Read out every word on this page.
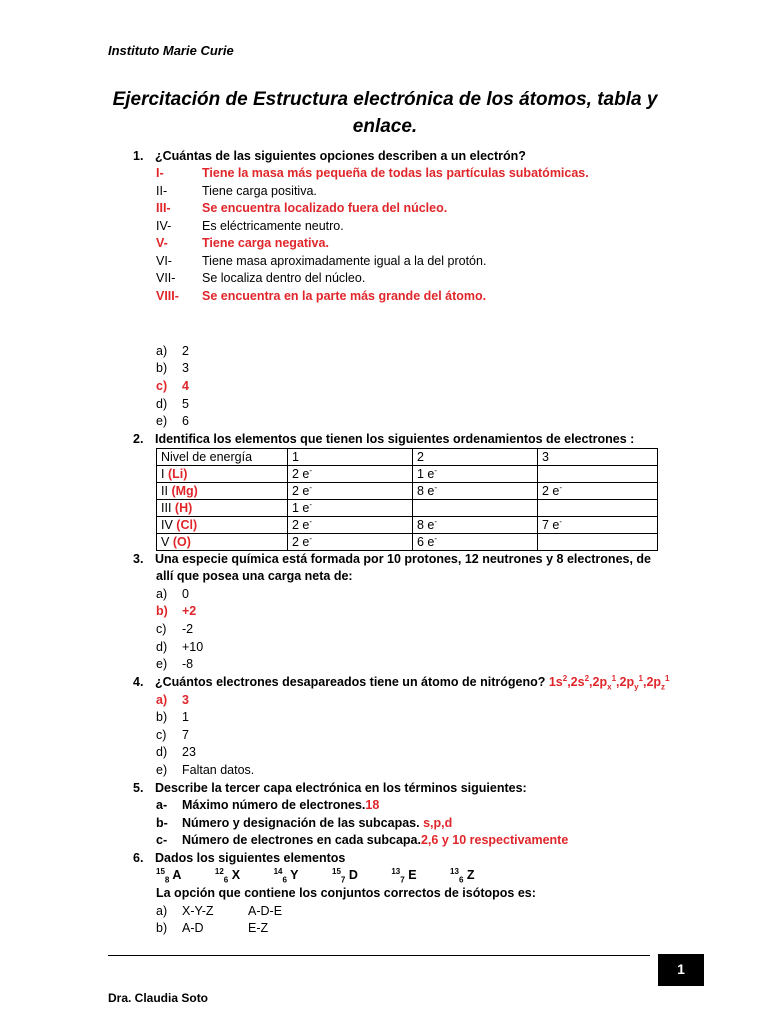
Instituto Marie Curie
Ejercitación de Estructura electrónica de los átomos, tabla y enlace.
1. ¿Cuántas de las siguientes opciones describen a un electrón?
I-	Tiene la masa más pequeña de todas las partículas subatómicas.
II-	Tiene carga positiva.
III-	Se encuentra localizado fuera del núcleo.
IV- Es eléctricamente neutro.
V-	Tiene carga negativa.
VI- Tiene masa aproximadamente igual a la del protón.
VII- Se localiza dentro del núcleo.
VIII- Se encuentra en la parte más grande del átomo.
a) 2
b) 3
c) 4
d) 5
e) 6
2. Identifica los elementos que tienen los siguientes ordenamientos de electrones :
Nivel de energía	1	2	3
I (Li)	2 e-	1 e-	
II (Mg)	2 e-	8 e-	2 e-
III (H)	1 e-		
IV (Cl)	2 e-	8 e-	7 e-
V (O)	2 e-	6 e-	
3. Una especie química está formada por 10 protones, 12 neutrones y 8 electrones, de
allí que posea una carga neta de:
a) 0
b) +2
c) -2
d) +10
e) -8
4. ¿Cuántos electrones desapareados tiene un átomo de nitrógeno? $1s^2,2s^2,2p_x^1,2p_y^1,2p_z^1$
a) 3
b) 1
c) 7
d) 23
e) Faltan datos.
5. Describe la tercer capa electrónica en los términos siguientes:
a- Máximo número de electrones.18
b- Número y designación de las subcapas. s,p,d
c- Número de electrones en cada subcapa.2,6 y 10 respectivamente
6. Dados los siguientes elementos
$^{15}_8$ A	$^{12}_6$ X	$^{14}_6$ Y	$^{15}_7$ D	$^{13}_7$ E	$^{13}_6$ Z
La opción que contiene los conjuntos correctos de isótopos es:
a) X-Y-Z	A-D-E
b) A-D	E-Z
1
Dra. Claudia Soto
